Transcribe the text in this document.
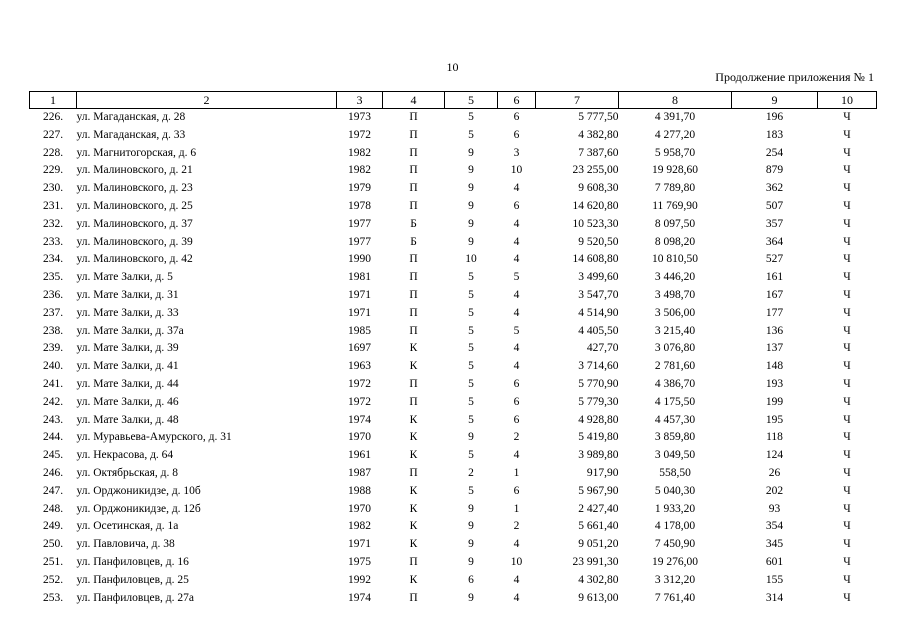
10
Продолжение приложения № 1
1	2	3	4	5	6	7	8	9	10
226.	ул. Магаданская, д. 28	1973	П	5	6	5 777,50	4 391,70	196	Ч
227.	ул. Магаданская, д. 33	1972	П	5	6	4 382,80	4 277,20	183	Ч
228.	ул. Магнитогорская, д. 6	1982	П	9	3	7 387,60	5 958,70	254	Ч
229.	ул. Малиновского, д. 21	1982	П	9	10	23 255,00	19 928,60	879	Ч
230.	ул. Малиновского, д. 23	1979	П	9	4	9 608,30	7 789,80	362	Ч
231.	ул. Малиновского, д. 25	1978	П	9	6	14 620,80	11 769,90	507	Ч
232.	ул. Малиновского, д. 37	1977	Б	9	4	10 523,30	8 097,50	357	Ч
233.	ул. Малиновского, д. 39	1977	Б	9	4	9 520,50	8 098,20	364	Ч
234.	ул. Малиновского, д. 42	1990	П	10	4	14 608,80	10 810,50	527	Ч
235.	ул. Мате Залки, д. 5	1981	П	5	5	3 499,60	3 446,20	161	Ч
236.	ул. Мате Залки, д. 31	1971	П	5	4	3 547,70	3 498,70	167	Ч
237.	ул. Мате Залки, д. 33	1971	П	5	4	4 514,90	3 506,00	177	Ч
238.	ул. Мате Залки, д. 37а	1985	П	5	5	4 405,50	3 215,40	136	Ч
239.	ул. Мате Залки, д. 39	1697	К	5	4	427,70	3 076,80	137	Ч
240.	ул. Мате Залки, д. 41	1963	К	5	4	3 714,60	2 781,60	148	Ч
241.	ул. Мате Залки, д. 44	1972	П	5	6	5 770,90	4 386,70	193	Ч
242.	ул. Мате Залки, д. 46	1972	П	5	6	5 779,30	4 175,50	199	Ч
243.	ул. Мате Залки, д. 48	1974	К	5	6	4 928,80	4 457,30	195	Ч
244.	ул. Муравьева-Амурского, д. 31	1970	К	9	2	5 419,80	3 859,80	118	Ч
245.	ул. Некрасова, д. 64	1961	К	5	4	3 989,80	3 049,50	124	Ч
246.	ул. Октябрьская, д. 8	1987	П	2	1	917,90	558,50	26	Ч
247.	ул. Орджоникидзе, д. 10б	1988	К	5	6	5 967,90	5 040,30	202	Ч
248.	ул. Орджоникидзе, д. 12б	1970	К	9	1	2 427,40	1 933,20	93	Ч
249.	ул. Осетинская, д. 1а	1982	К	9	2	5 661,40	4 178,00	354	Ч
250.	ул. Павловича, д. 38	1971	К	9	4	9 051,20	7 450,90	345	Ч
251.	ул. Панфиловцев, д. 16	1975	П	9	10	23 991,30	19 276,00	601	Ч
252.	ул. Панфиловцев, д. 25	1992	К	6	4	4 302,80	3 312,20	155	Ч
253.	ул. Панфиловцев, д. 27а	1974	П	9	4	9 613,00	7 761,40	314	Ч
